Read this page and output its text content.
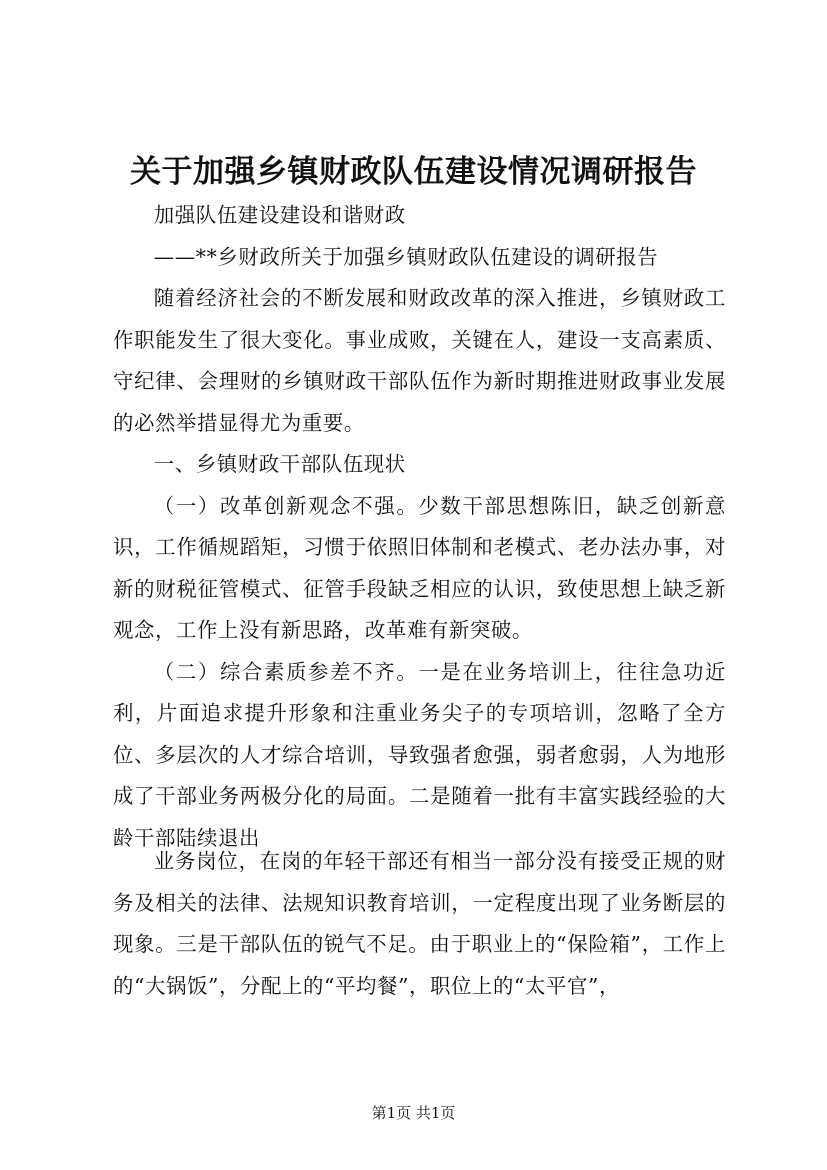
关于加强乡镇财政队伍建设情况调研报告

加强队伍建设建设和谐财政

——**乡财政所关于加强乡镇财政队伍建设的调研报告

随着经济社会的不断发展和财政改革的深入推进，乡镇财政工作职能发生了很大变化。事业成败，关键在人，建设一支高素质、守纪律、会理财的乡镇财政干部队伍作为新时期推进财政事业发展的必然举措显得尤为重要。

一、乡镇财政干部队伍现状

（一）改革创新观念不强。少数干部思想陈旧，缺乏创新意识，工作循规蹈矩，习惯于依照旧体制和老模式、老办法办事，对新的财税征管模式、征管手段缺乏相应的认识，致使思想上缺乏新观念，工作上没有新思路，改革难有新突破。

（二）综合素质参差不齐。一是在业务培训上，往往急功近利，片面追求提升形象和注重业务尖子的专项培训，忽略了全方位、多层次的人才综合培训，导致强者愈强，弱者愈弱，人为地形成了干部业务两极分化的局面。二是随着一批有丰富实践经验的大龄干部陆续退出

业务岗位，在岗的年轻干部还有相当一部分没有接受正规的财务及相关的法律、法规知识教育培训，一定程度出现了业务断层的现象。三是干部队伍的锐气不足。由于职业上的“保险箱”，工作上的“大锅饭”，分配上的“平均餐”，职位上的“太平官”，

第1页 共1页
